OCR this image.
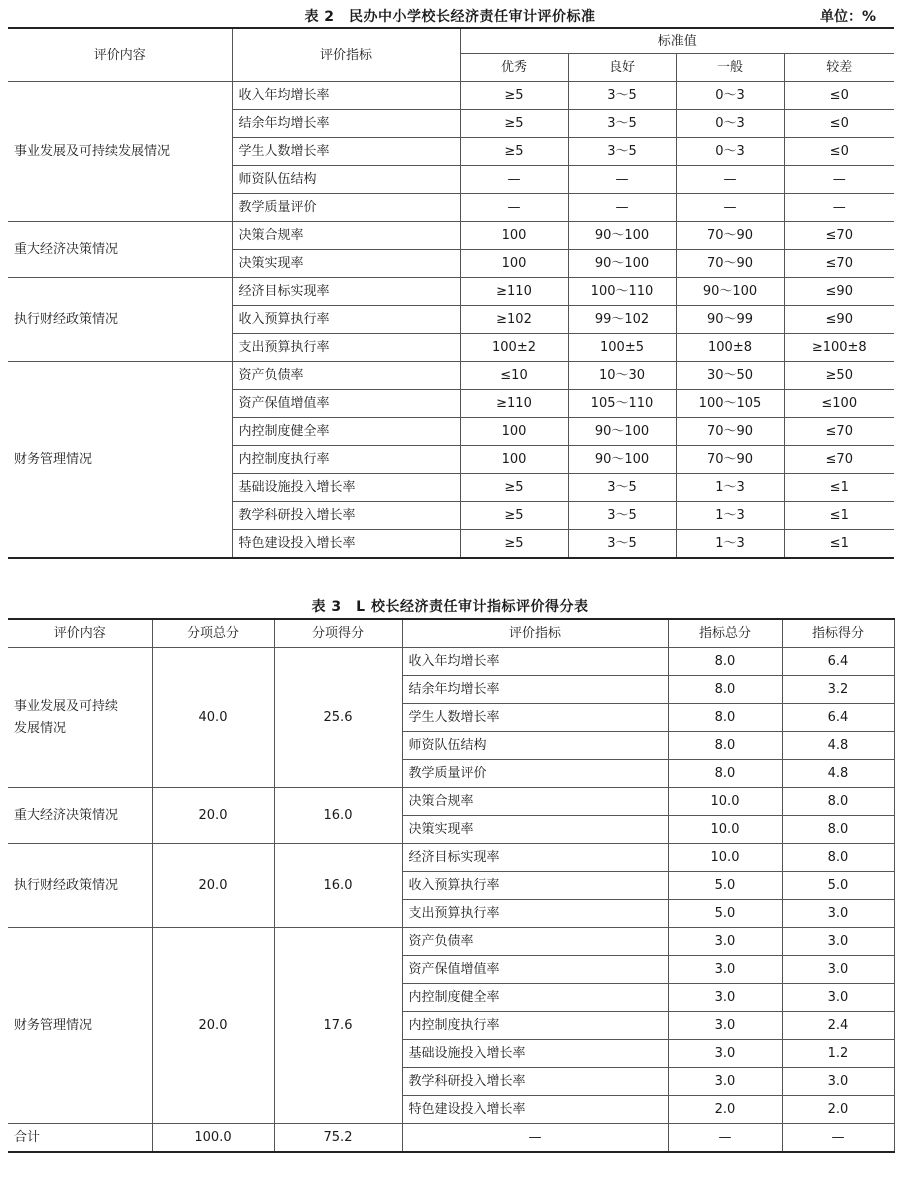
表 2　民办中小学校长经济责任审计评价标准	单位：%
评价内容	评价指标	标准值			
		优秀	良好	一般	较差
事业发展及可持续发展情况	收入年均增长率	≥5	3～5	0～3	≤0
	结余年均增长率	≥5	3～5	0～3	≤0
	学生人数增长率	≥5	3～5	0～3	≤0
	师资队伍结构	—	—	—	—
	教学质量评价	—	—	—	—
重大经济决策情况	决策合规率	100	90～100	70～90	≤70
	决策实现率	100	90～100	70～90	≤70
执行财经政策情况	经济目标实现率	≥110	100～110	90～100	≤90
	收入预算执行率	≥102	99～102	90～99	≤90
	支出预算执行率	100±2	100±5	100±8	≥100±8
财务管理情况	资产负债率	≤10	10～30	30～50	≥50
	资产保值增值率	≥110	105～110	100～105	≤100
	内控制度健全率	100	90～100	70～90	≤70
	内控制度执行率	100	90～100	70～90	≤70
	基础设施投入增长率	≥5	3～5	1～3	≤1
	教学科研投入增长率	≥5	3～5	1～3	≤1
	特色建设投入增长率	≥5	3～5	1～3	≤1
表 3　L 校长经济责任审计指标评价得分表
评价内容	分项总分	分项得分	评价指标	指标总分	指标得分

事业发展及可持续
发展情况	40.0	25.6	收入年均增长率	8.0	6.4
			结余年均增长率	8.0	3.2
			学生人数增长率	8.0	6.4
			师资队伍结构	8.0	4.8
			教学质量评价	8.0	4.8
重大经济决策情况	20.0	16.0	决策合规率	10.0	8.0
			决策实现率	10.0	8.0
执行财经政策情况	20.0	16.0	经济目标实现率	10.0	8.0
			收入预算执行率	5.0	5.0
			支出预算执行率	5.0	3.0
财务管理情况	20.0	17.6	资产负债率	3.0	3.0
			资产保值增值率	3.0	3.0
			内控制度健全率	3.0	3.0
			内控制度执行率	3.0	2.4
			基础设施投入增长率	3.0	1.2
			教学科研投入增长率	3.0	3.0
			特色建设投入增长率	2.0	2.0
合计	100.0	75.2	—	—	—
